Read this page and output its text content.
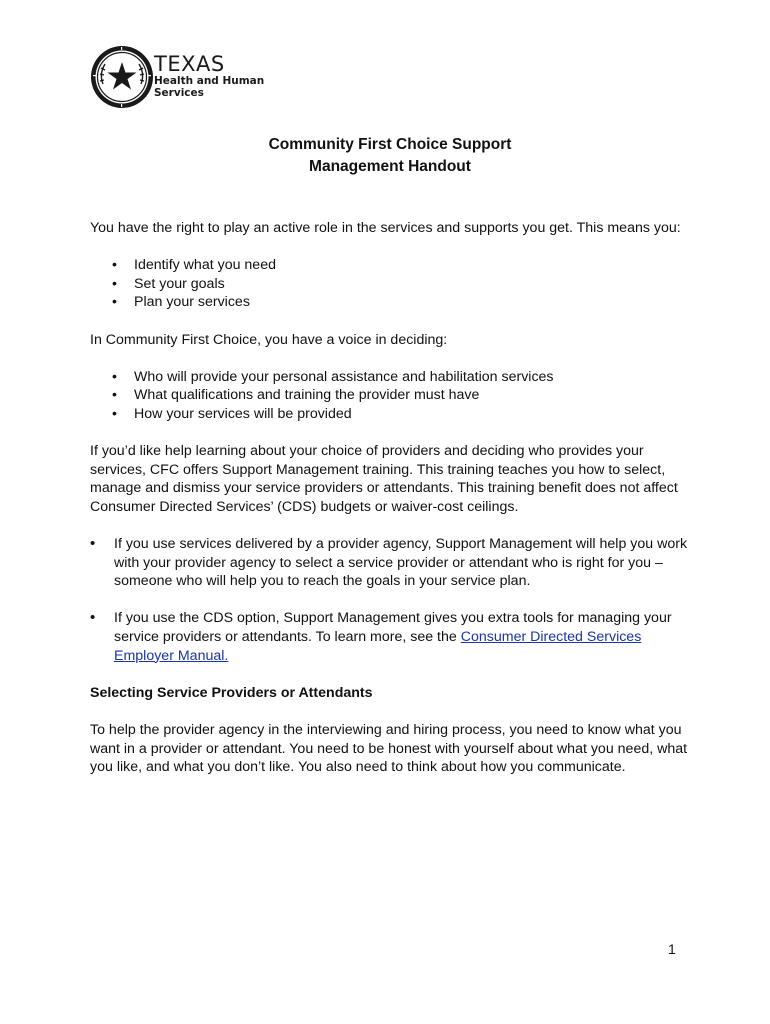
TEXAS
Health and Human
Services
Community First Choice Support
Management Handout

You have the right to play an active role in the services and supports you get. This means you:

• Identify what you need
• Set your goals
• Plan your services

In Community First Choice, you have a voice in deciding:

• Who will provide your personal assistance and habilitation services
• What qualifications and training the provider must have
• How your services will be provided

If you’d like help learning about your choice of providers and deciding who provides your services, CFC offers Support Management training. This training teaches you how to select, manage and dismiss your service providers or attendants. This training benefit does not affect Consumer Directed Services’ (CDS) budgets or waiver-cost ceilings.

• If you use services delivered by a provider agency, Support Management will help you work with your provider agency to select a service provider or attendant who is right for you – someone who will help you to reach the goals in your service plan.
• If you use the CDS option, Support Management gives you extra tools for managing your service providers or attendants. To learn more, see the Consumer Directed Services Employer Manual.

Selecting Service Providers or Attendants

To help the provider agency in the interviewing and hiring process, you need to know what you want in a provider or attendant. You need to be honest with yourself about what you need, what you like, and what you don’t like. You also need to think about how you communicate.

1
